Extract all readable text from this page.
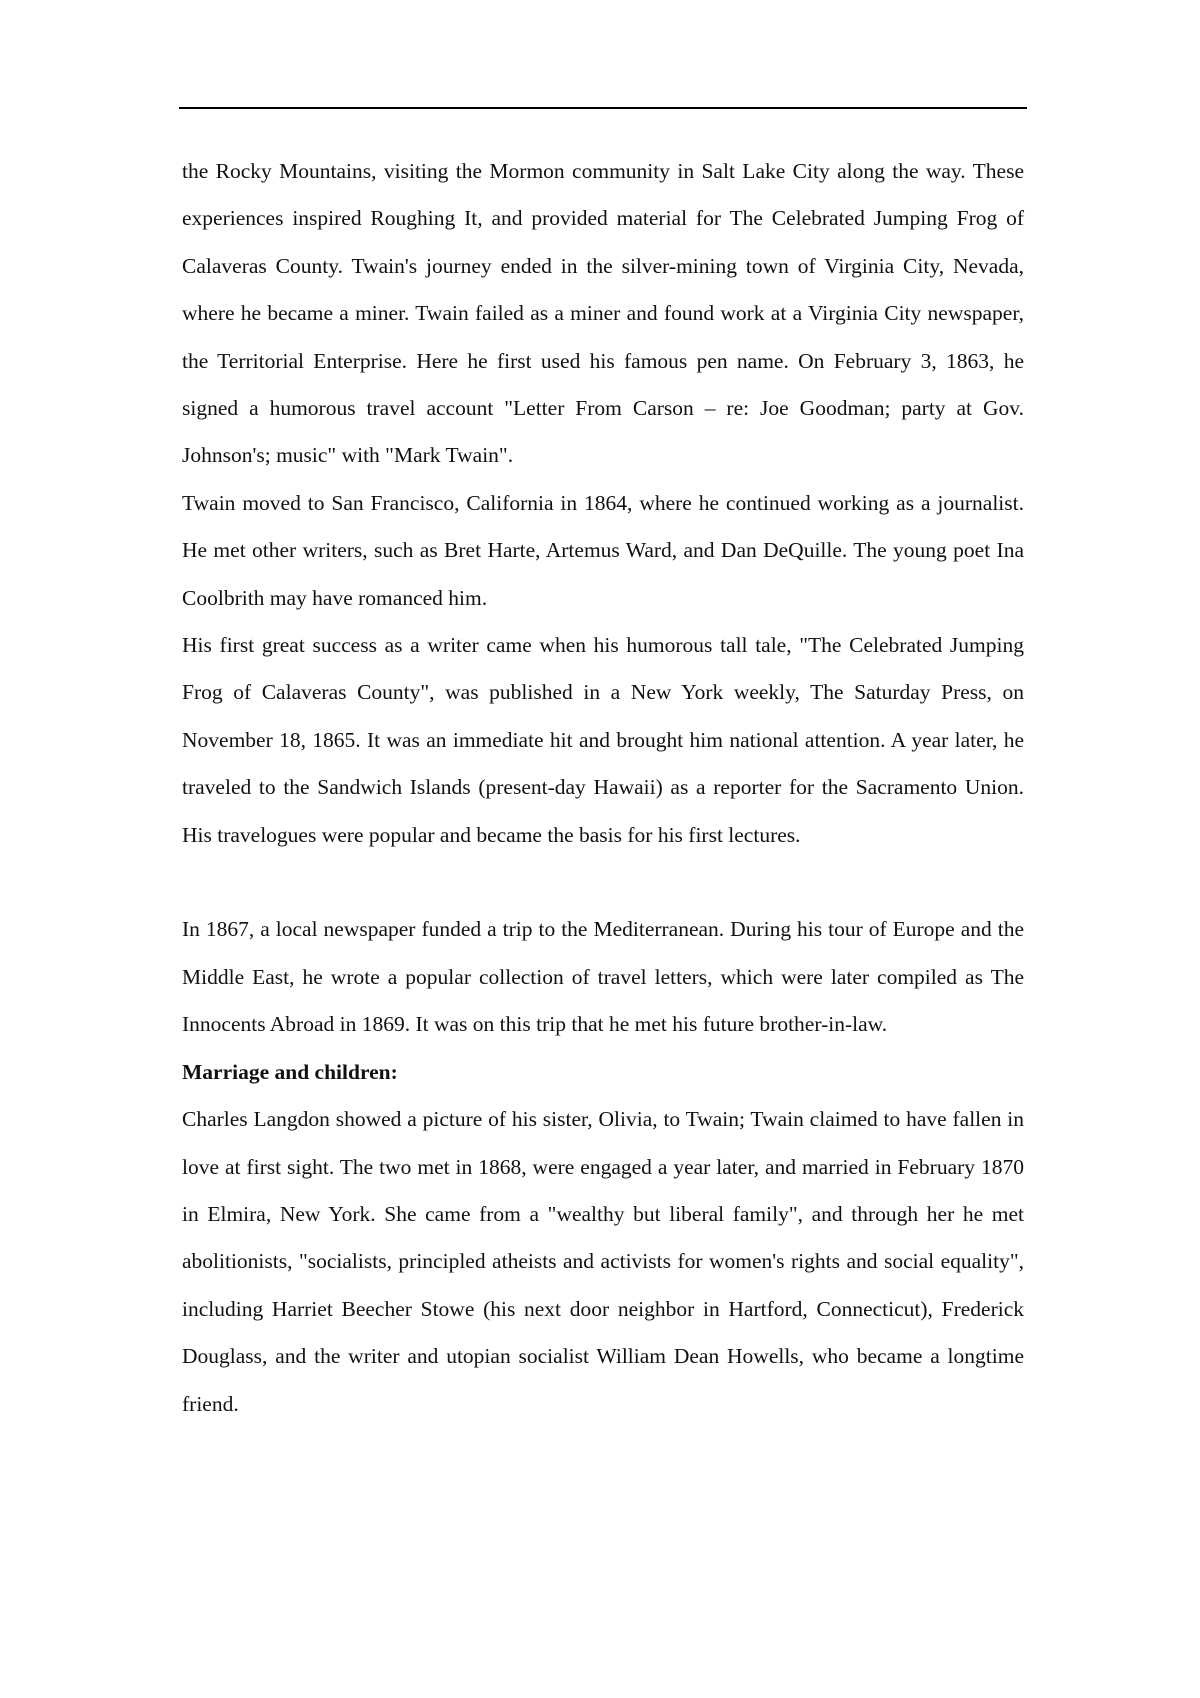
the Rocky Mountains, visiting the Mormon community in Salt Lake City along the way. These experiences inspired Roughing It, and provided material for The Celebrated Jumping Frog of Calaveras County. Twain's journey ended in the silver-mining town of Virginia City, Nevada, where he became a miner. Twain failed as a miner and found work at a Virginia City newspaper, the Territorial Enterprise. Here he first used his famous pen name. On February 3, 1863, he signed a humorous travel account "Letter From Carson – re: Joe Goodman; party at Gov. Johnson's; music" with "Mark Twain".

Twain moved to San Francisco, California in 1864, where he continued working as a journalist. He met other writers, such as Bret Harte, Artemus Ward, and Dan DeQuille. The young poet Ina Coolbrith may have romanced him.

His first great success as a writer came when his humorous tall tale, "The Celebrated Jumping Frog of Calaveras County", was published in a New York weekly, The Saturday Press, on November 18, 1865. It was an immediate hit and brought him national attention. A year later, he traveled to the Sandwich Islands (present-day Hawaii) as a reporter for the Sacramento Union. His travelogues were popular and became the basis for his first lectures.

In 1867, a local newspaper funded a trip to the Mediterranean. During his tour of Europe and the Middle East, he wrote a popular collection of travel letters, which were later compiled as The Innocents Abroad in 1869. It was on this trip that he met his future brother-in-law.

Marriage and children:

Charles Langdon showed a picture of his sister, Olivia, to Twain; Twain claimed to have fallen in love at first sight. The two met in 1868, were engaged a year later, and married in February 1870 in Elmira, New York. She came from a "wealthy but liberal family", and through her he met abolitionists, "socialists, principled atheists and activists for women's rights and social equality", including Harriet Beecher Stowe (his next door neighbor in Hartford, Connecticut), Frederick Douglass, and the writer and utopian socialist William Dean Howells, who became a longtime friend.
